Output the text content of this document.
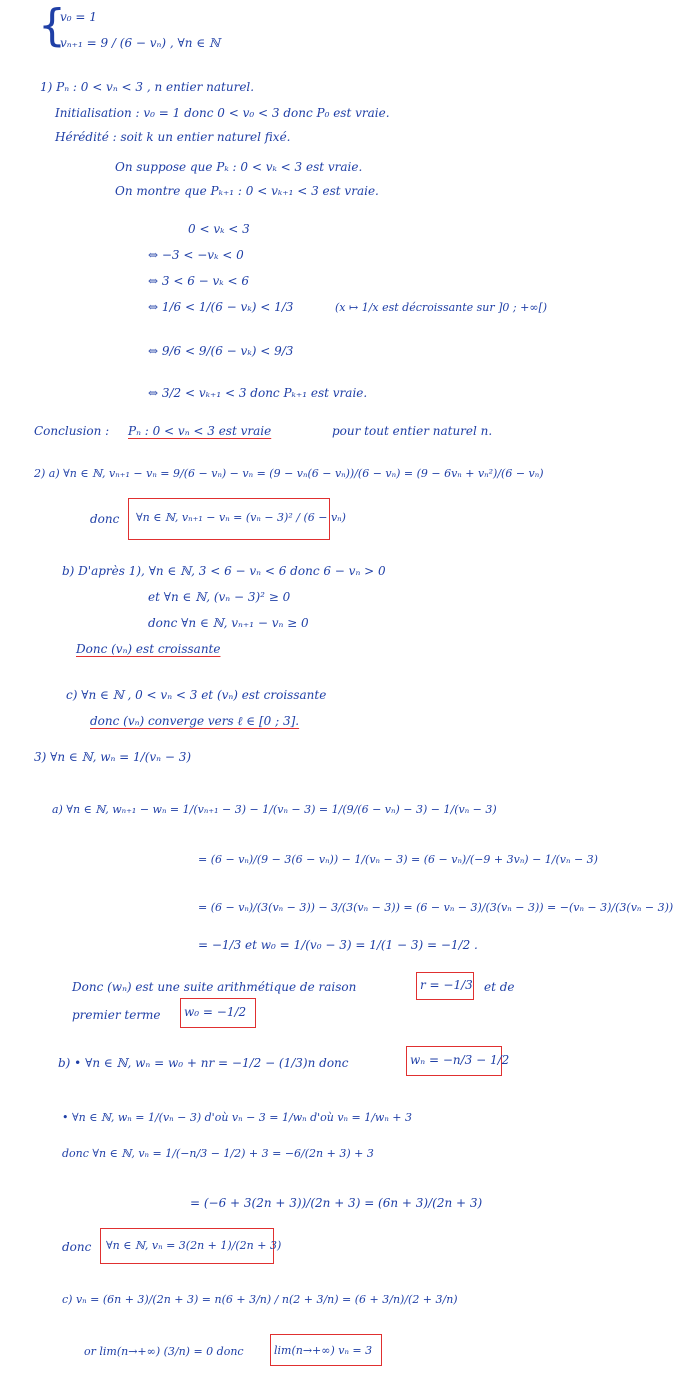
{
v₀ = 1
vₙ₊₁ = 9 / (6 − vₙ) , ∀n ∈ ℕ
1) Pₙ : 0 < vₙ < 3 , n entier naturel.
Initialisation : v₀ = 1 donc 0 < v₀ < 3 donc P₀ est vraie.
Hérédité : soit k un entier naturel fixé.
On suppose que Pₖ : 0 < vₖ < 3 est vraie.
On montre que Pₖ₊₁ : 0 < vₖ₊₁ < 3 est vraie.
0 < vₖ < 3
⇔ −3 < −vₖ < 0
⇔ 3 < 6 − vₖ < 6
⇔ 1/6 < 1/(6 − vₖ) < 1/3	(x ↦ 1/x est décroissante sur ]0 ; +∞[)
⇔ 9/6 < 9/(6 − vₖ) < 9/3
⇔ 3/2 < vₖ₊₁ < 3 donc Pₖ₊₁ est vraie.
Conclusion : Pₙ : 0 < vₙ < 3 est vraie	pour tout entier naturel n.
2) a) ∀n ∈ ℕ, vₙ₊₁ − vₙ = 9/(6 − vₙ) − vₙ = (9 − vₙ(6 − vₙ))/(6 − vₙ) = (9 − 6vₙ + vₙ²)/(6 − vₙ)
donc ∀n ∈ ℕ, vₙ₊₁ − vₙ = (vₙ − 3)² / (6 − vₙ)
b) D'après 1), ∀n ∈ ℕ, 3 < 6 − vₙ < 6 donc 6 − vₙ > 0
et ∀n ∈ ℕ, (vₙ − 3)² ≥ 0
donc ∀n ∈ ℕ, vₙ₊₁ − vₙ ≥ 0
Donc (vₙ) est croissante
c) ∀n ∈ ℕ , 0 < vₙ < 3 et (vₙ) est croissante
donc (vₙ) converge vers ℓ ∈ [0 ; 3].
3) ∀n ∈ ℕ, wₙ = 1/(vₙ − 3)
a) ∀n ∈ ℕ, wₙ₊₁ − wₙ = 1/(vₙ₊₁ − 3) − 1/(vₙ − 3) = 1/(9/(6 − vₙ) − 3) − 1/(vₙ − 3)
= (6 − vₙ)/(9 − 3(6 − vₙ)) − 1/(vₙ − 3) = (6 − vₙ)/(−9 + 3vₙ) − 1/(vₙ − 3)
= (6 − vₙ)/(3(vₙ − 3)) − 3/(3(vₙ − 3)) = (6 − vₙ − 3)/(3(vₙ − 3)) = −(vₙ − 3)/(3(vₙ − 3))
= −1/3 et w₀ = 1/(v₀ − 3) = 1/(1 − 3) = −1/2 .
Donc (wₙ) est une suite arithmétique de raison	r = −1/3 et de
premier terme w₀ = −1/2
b) • ∀n ∈ ℕ, wₙ = w₀ + nr = −1/2 − (1/3)n donc	wₙ = −n/3 − 1/2
• ∀n ∈ ℕ, wₙ = 1/(vₙ − 3) d'où vₙ − 3 = 1/wₙ d'où vₙ = 1/wₙ + 3
donc ∀n ∈ ℕ, vₙ = 1/(−n/3 − 1/2) + 3 = −6/(2n + 3) + 3
= (−6 + 3(2n + 3))/(2n + 3) = (6n + 3)/(2n + 3)
donc ∀n ∈ ℕ, vₙ = 3(2n + 1)/(2n + 3)
c) vₙ = (6n + 3)/(2n + 3) = n(6 + 3/n) / n(2 + 3/n) = (6 + 3/n)/(2 + 3/n)
or lim(n→+∞) (3/n) = 0 donc	lim(n→+∞) vₙ = 3
